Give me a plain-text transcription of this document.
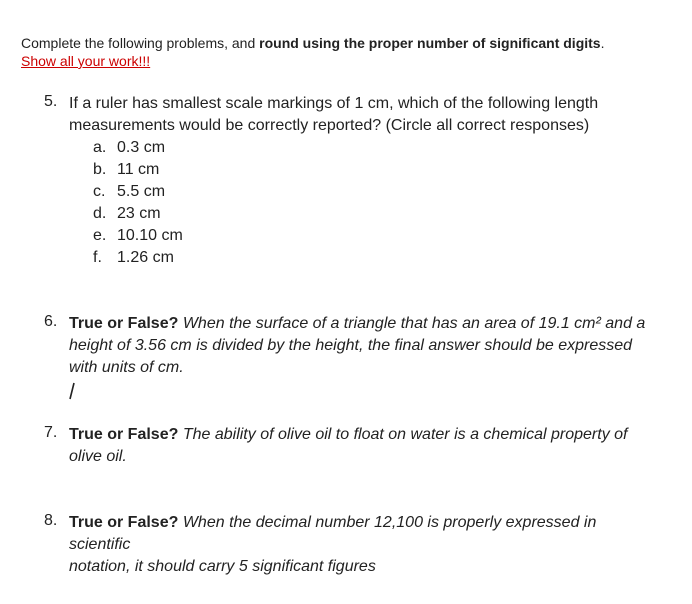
Complete the following problems, and round using the proper number of significant digits.
Show all your work!!!
5. If a ruler has smallest scale markings of 1 cm, which of the following length
measurements would be correctly reported? (Circle all correct responses)
a. 0.3 cm
b. 11 cm
c. 5.5 cm
d. 23 cm
e. 10.10 cm
f. 1.26 cm
6. True or False? When the surface of a triangle that has an area of 19.1 cm² and a
height of 3.56 cm is divided by the height, the final answer should be expressed
with units of cm.
7. True or False? The ability of olive oil to float on water is a chemical property of
olive oil.
8. True or False? When the decimal number 12,100 is properly expressed in scientific
notation, it should carry 5 significant figures
